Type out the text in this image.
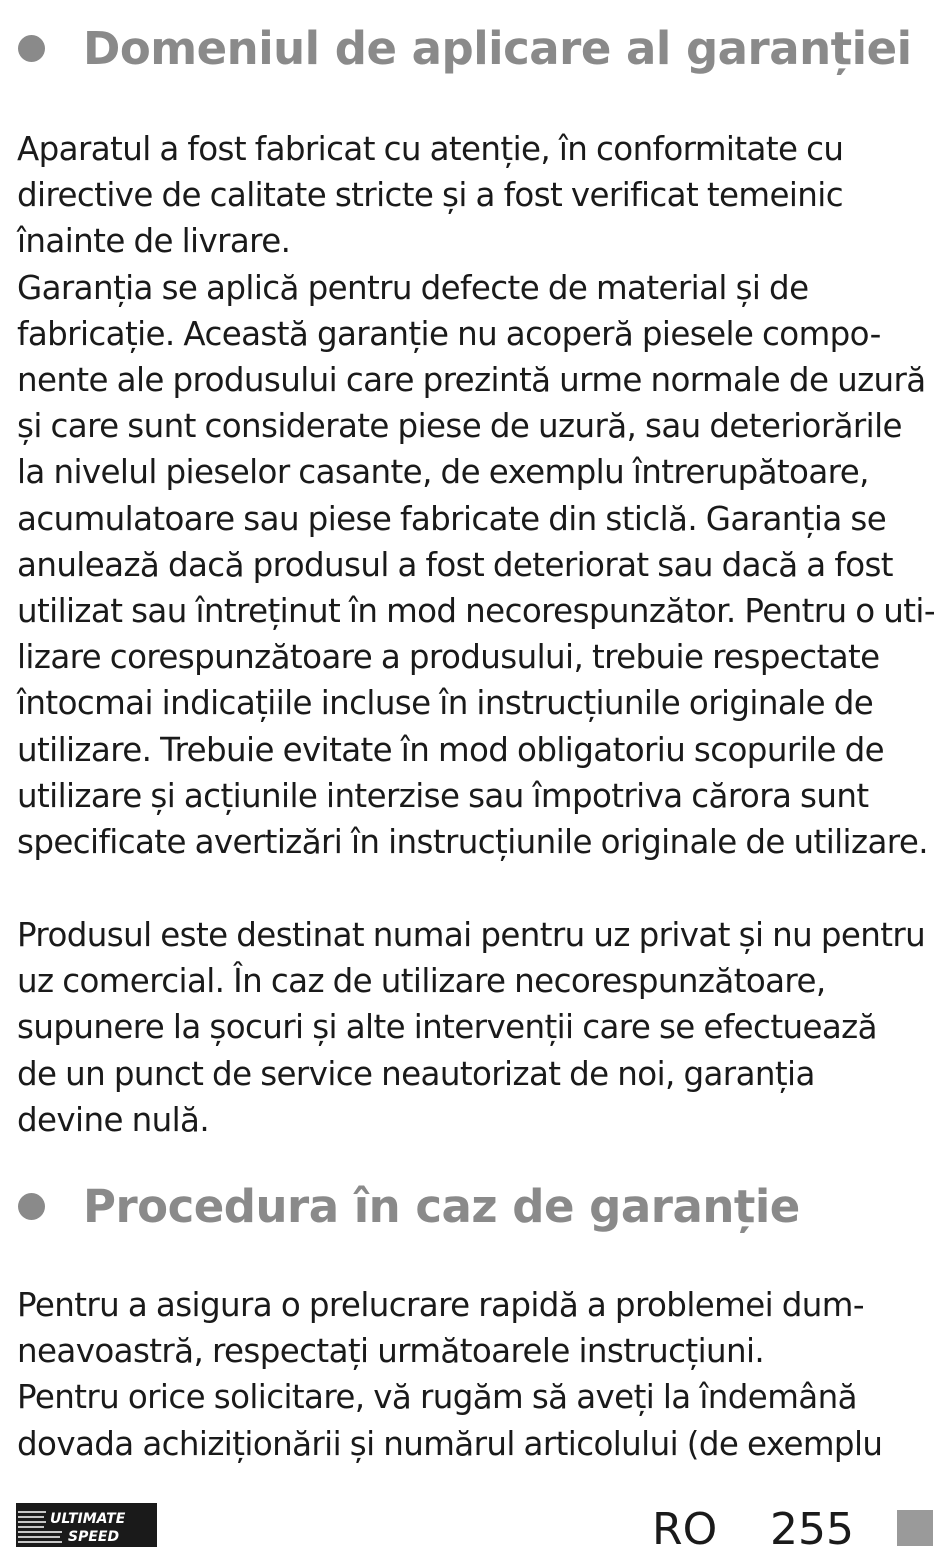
Domeniul de aplicare al garanției
Aparatul a fost fabricat cu atenție, în conformitate cu
directive de calitate stricte și a fost verificat temeinic
înainte de livrare.
Garanția se aplică pentru defecte de material și de
fabricație. Această garanție nu acoperă piesele compo-
nente ale produsului care prezintă urme normale de uzură
și care sunt considerate piese de uzură, sau deteriorările
la nivelul pieselor casante, de exemplu întrerupătoare,
acumulatoare sau piese fabricate din sticlă. Garanția se
anulează dacă produsul a fost deteriorat sau dacă a fost
utilizat sau întreținut în mod necorespunzător. Pentru o uti-
lizare corespunzătoare a produsului, trebuie respectate
întocmai indicațiile incluse în instrucțiunile originale de
utilizare. Trebuie evitate în mod obligatoriu scopurile de
utilizare și acțiunile interzise sau împotriva cărora sunt
specificate avertizări în instrucțiunile originale de utilizare.
Produsul este destinat numai pentru uz privat și nu pentru
uz comercial. În caz de utilizare necorespunzătoare,
supunere la șocuri și alte intervenții care se efectuează
de un punct de service neautorizat de noi, garanția
devine nulă.
Procedura în caz de garanție
Pentru a asigura o prelucrare rapidă a problemei dum-
neavoastră, respectați următoarele instrucțiuni.
Pentru orice solicitare, vă rugăm să aveți la îndemână
dovada achiziționării și numărul articolului (de exemplu
ULTIMATE
SPEED	RO 255
